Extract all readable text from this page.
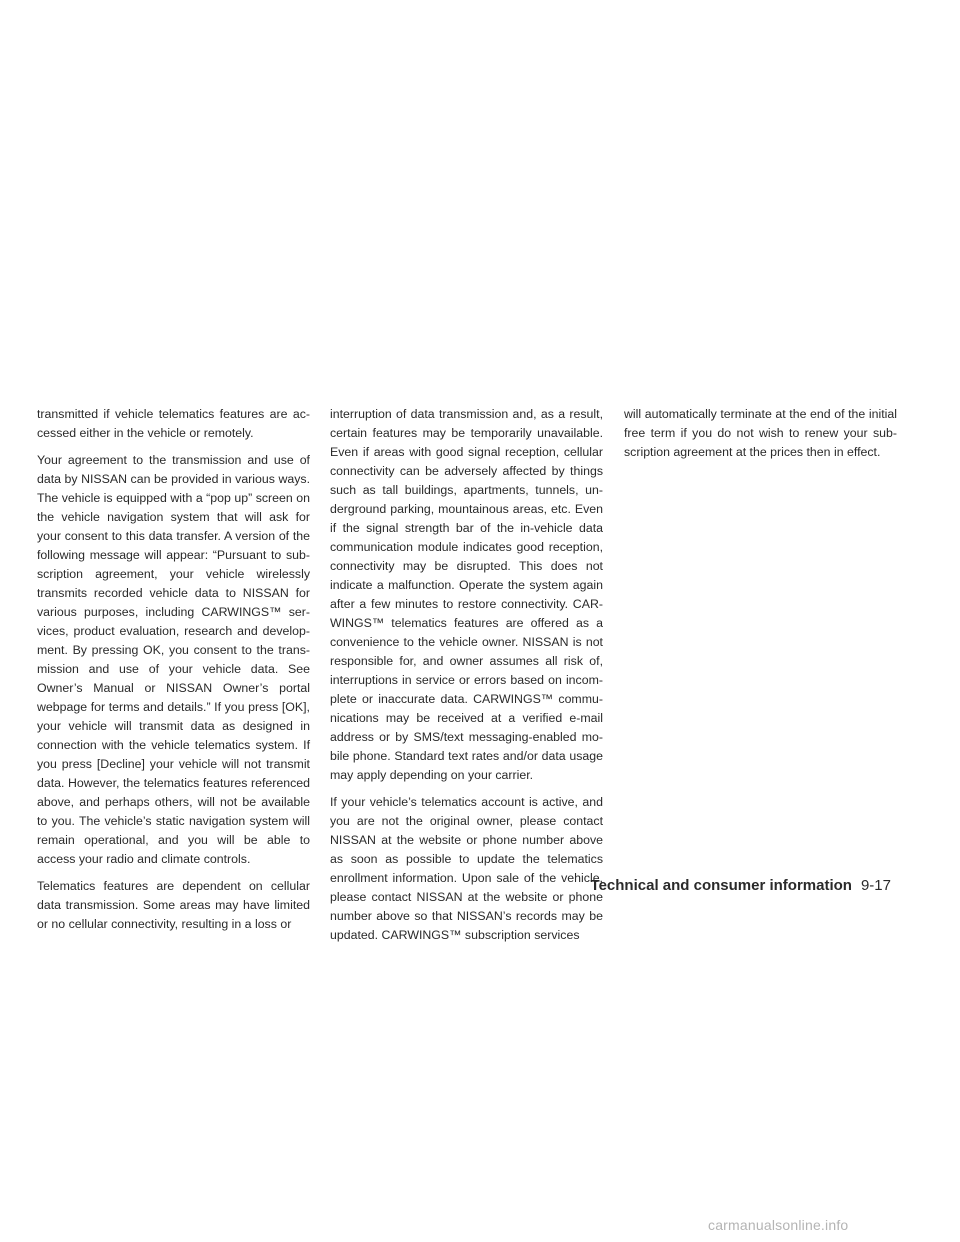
transmitted if vehicle telematics features are accessed either in the vehicle or remotely.

Your agreement to the transmission and use of data by NISSAN can be provided in various ways. The vehicle is equipped with a “pop up” screen on the vehicle navigation system that will ask for your consent to this data transfer. A version of the following message will appear: “Pursuant to subscription agreement, your vehicle wirelessly transmits recorded vehicle data to NISSAN for various purposes, including CARWINGS™ services, product evaluation, research and development. By pressing OK, you consent to the transmission and use of your vehicle data. See Owner’s Manual or NISSAN Owner’s portal webpage for terms and details.” If you press [OK], your vehicle will transmit data as designed in connection with the vehicle telematics system. If you press [Decline] your vehicle will not transmit data. However, the telematics features referenced above, and perhaps others, will not be available to you. The vehicle’s static navigation system will remain operational, and you will be able to access your radio and climate controls.

Telematics features are dependent on cellular data transmission. Some areas may have limited or no cellular connectivity, resulting in a loss or

interruption of data transmission and, as a result, certain features may be temporarily unavailable. Even if areas with good signal reception, cellular connectivity can be adversely affected by things such as tall buildings, apartments, tunnels, underground parking, mountainous areas, etc. Even if the signal strength bar of the in-vehicle data communication module indicates good reception, connectivity may be disrupted. This does not indicate a malfunction. Operate the system again after a few minutes to restore connectivity. CARWINGS™ telematics features are offered as a convenience to the vehicle owner. NISSAN is not responsible for, and owner assumes all risk of, interruptions in service or errors based on incomplete or inaccurate data. CARWINGS™ communications may be received at a verified e-mail address or by SMS/text messaging-enabled mobile phone. Standard text rates and/or data usage may apply depending on your carrier.

If your vehicle’s telematics account is active, and you are not the original owner, please contact NISSAN at the website or phone number above as soon as possible to update the telematics enrollment information. Upon sale of the vehicle, please contact NISSAN at the website or phone number above so that NISSAN’s records may be updated. CARWINGS™ subscription services

will automatically terminate at the end of the initial free term if you do not wish to renew your subscription agreement at the prices then in effect.

Technical and consumer information 9-17
carmanualsonline.info
